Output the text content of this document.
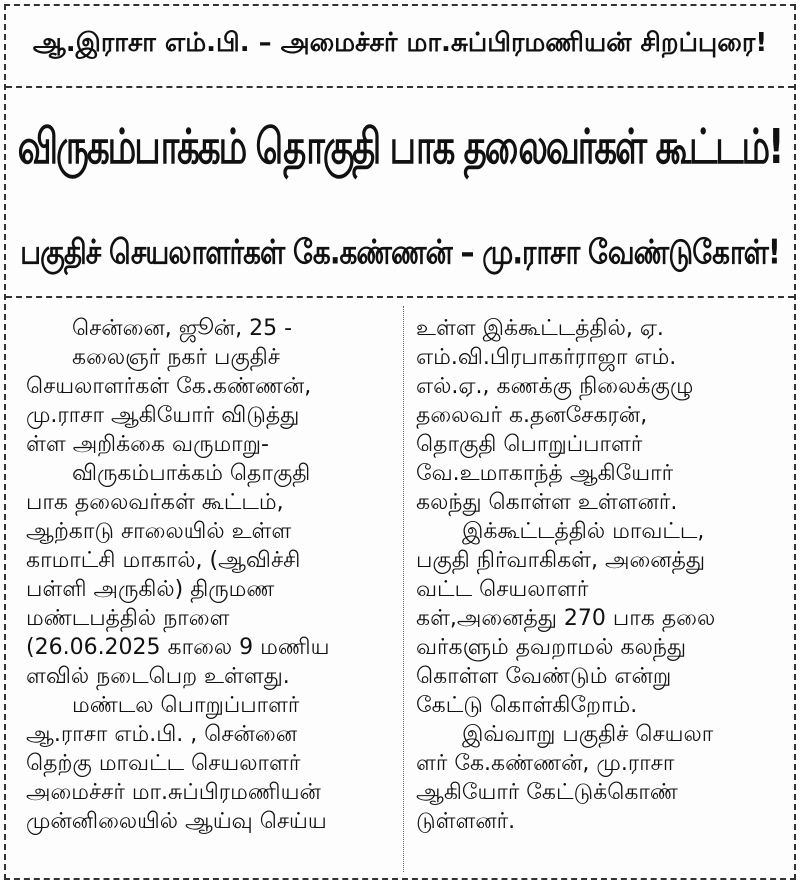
ஆ.இராசா எம்.பி. – அமைச்சர் மா.சுப்பிரமணியன் சிறப்புரை!
விருகம்பாக்கம் தொகுதி பாக தலைவர்கள் கூட்டம்!
பகுதிச் செயலாளர்கள் கே.கண்ணன் – மு.ராசா வேண்டுகோள்!
சென்னை, ஜூன், 25 -
கலைஞர் நகர் பகுதிச்
செயலாளர்கள் கே.கண்ணன்,
மு.ராசா ஆகியோர் விடுத்து
ள்ள அறிக்கை வருமாறு-
விருகம்பாக்கம் தொகுதி
பாக தலைவர்கள் கூட்டம்,
ஆற்காடு சாலையில் உள்ள
காமாட்சி மாகால், (ஆவிச்சி
பள்ளி அருகில்) திருமண
மண்டபத்தில் நாளை
(26.06.2025 காலை 9 மணிய
ளவில் நடைபெற உள்ளது.
மண்டல பொறுப்பாளர்
ஆ.ராசா எம்.பி. , சென்னை
தெற்கு மாவட்ட செயலாளர்
அமைச்சர் மா.சுப்பிரமணியன்
முன்னிலையில் ஆய்வு செய்ய
உள்ள இக்கூட்டத்தில், ஏ.
எம்.வி.பிரபாகர்ராஜா எம்.
எல்.ஏ., கணக்கு நிலைக்குழு
தலைவர் க.தனசேகரன்,
தொகுதி பொறுப்பாளர்
வே.உமாகாந்த் ஆகியோர்
கலந்து கொள்ள உள்ளனர்.
இக்கூட்டத்தில் மாவட்ட,
பகுதி நிர்வாகிகள், அனைத்து
வட்ட செயலாளர்
கள்,அனைத்து 270 பாக தலை
வர்களும் தவறாமல் கலந்து
கொள்ள வேண்டும் என்று
கேட்டு கொள்கிறோம்.
இவ்வாறு பகுதிச் செயலா
ளர் கே.கண்ணன், மு.ராசா
ஆகியோர் கேட்டுக்கொண்
டுள்ளனர்.
